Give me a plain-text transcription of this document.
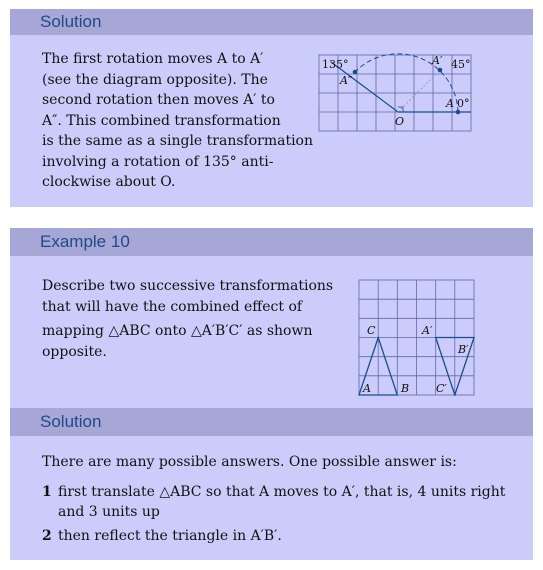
Solution
The first rotation moves A to A′
(see the diagram opposite). The
second rotation then moves A′ to
A″. This combined transformation
is the same as a single transformation
involving a rotation of 135° anti-
clockwise about O.
135°	45°
0°
A
A′
A″
O
Example 10
Describe two successive transformations
that will have the combined effect of
mapping △ABC onto △A′B′C′ as shown
opposite.
A	B
C	A′
B′
C′
Solution
There are many possible answers. One possible answer is:
1 first translate △ABC so that A moves to A′, that is, 4 units right
and 3 units up
2 then reflect the triangle in A′B′.
